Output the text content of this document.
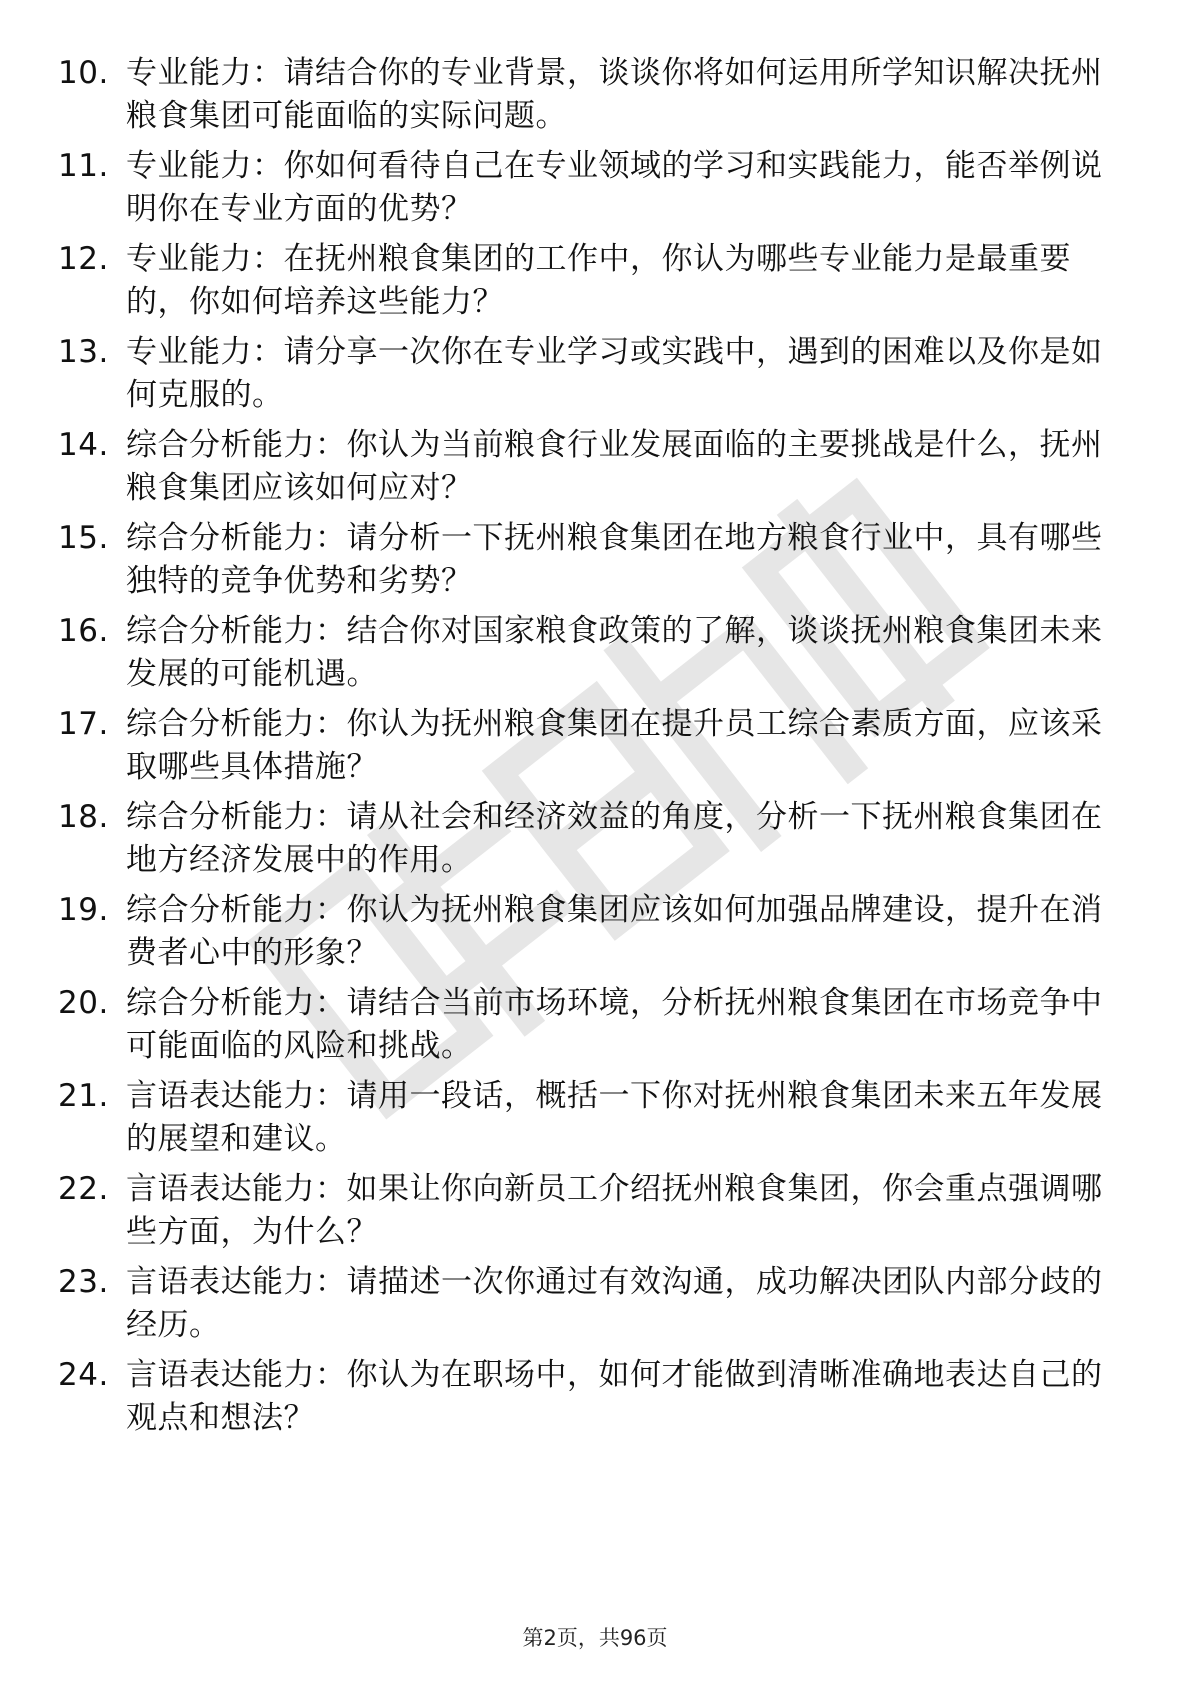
10. 专业能力：请结合你的专业背景，谈谈你将如何运用所学知识解决抚州粮食集团可能面临的实际问题。
11. 专业能力：你如何看待自己在专业领域的学习和实践能力，能否举例说明你在专业方面的优势？
12. 专业能力：在抚州粮食集团的工作中，你认为哪些专业能力是最重要的，你如何培养这些能力？
13. 专业能力：请分享一次你在专业学习或实践中，遇到的困难以及你是如何克服的。
14. 综合分析能力：你认为当前粮食行业发展面临的主要挑战是什么，抚州粮食集团应该如何应对？
15. 综合分析能力：请分析一下抚州粮食集团在地方粮食行业中，具有哪些独特的竞争优势和劣势？
16. 综合分析能力：结合你对国家粮食政策的了解，谈谈抚州粮食集团未来发展的可能机遇。
17. 综合分析能力：你认为抚州粮食集团在提升员工综合素质方面，应该采取哪些具体措施？
18. 综合分析能力：请从社会和经济效益的角度，分析一下抚州粮食集团在地方经济发展中的作用。
19. 综合分析能力：你认为抚州粮食集团应该如何加强品牌建设，提升在消费者心中的形象？
20. 综合分析能力：请结合当前市场环境，分析抚州粮食集团在市场竞争中可能面临的风险和挑战。
21. 言语表达能力：请用一段话，概括一下你对抚州粮食集团未来五年发展的展望和建议。
22. 言语表达能力：如果让你向新员工介绍抚州粮食集团，你会重点强调哪些方面，为什么？
23. 言语表达能力：请描述一次你通过有效沟通，成功解决团队内部分歧的经历。
24. 言语表达能力：你认为在职场中，如何才能做到清晰准确地表达自己的观点和想法？
第2页，共96页
